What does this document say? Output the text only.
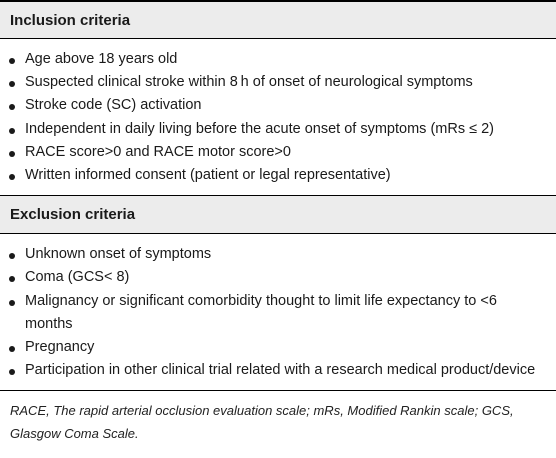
Inclusion criteria
Age above 18 years old
Suspected clinical stroke within 8 h of onset of neurological symptoms
Stroke code (SC) activation
Independent in daily living before the acute onset of symptoms (mRs ≤ 2)
RACE score>0 and RACE motor score>0
Written informed consent (patient or legal representative)
Exclusion criteria
Unknown onset of symptoms
Coma (GCS< 8)
Malignancy or significant comorbidity thought to limit life expectancy to <6 months
Pregnancy
Participation in other clinical trial related with a research medical product/device
RACE, The rapid arterial occlusion evaluation scale; mRs, Modified Rankin scale; GCS, Glasgow Coma Scale.
